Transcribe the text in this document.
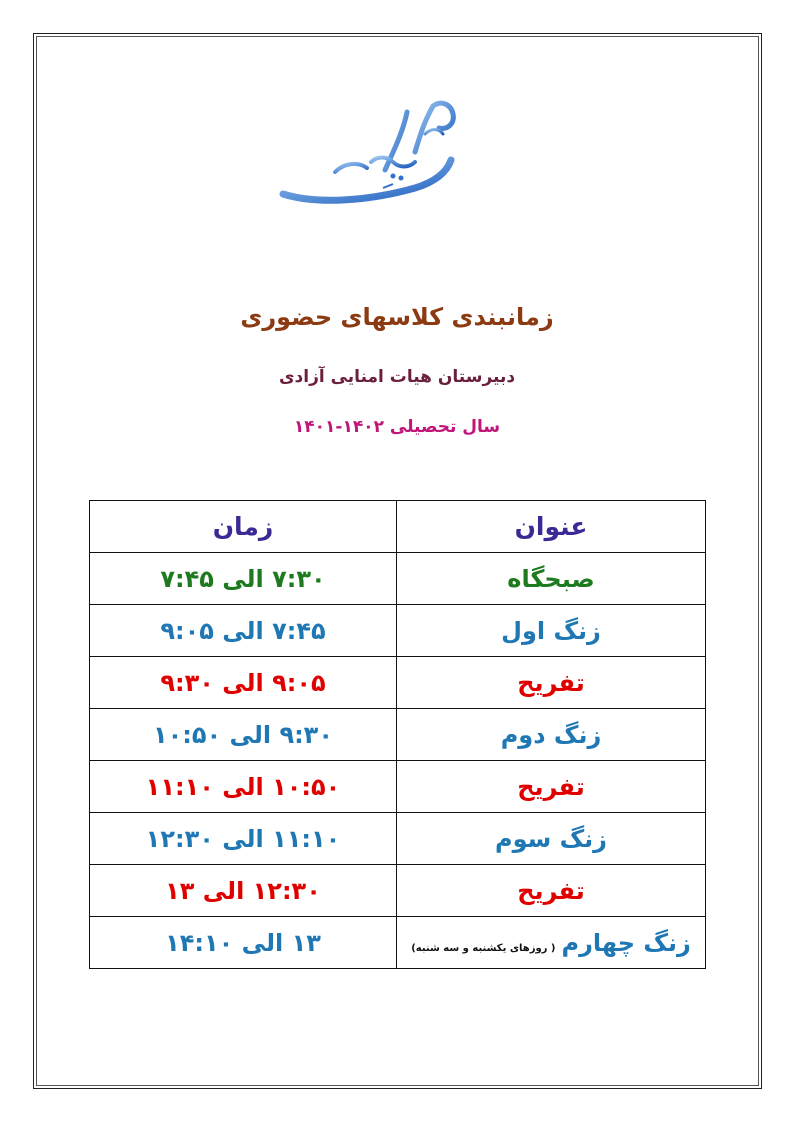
زمانبندی کلاسهای حضوری
دبیرستان هیات امنایی آزادی
سال تحصیلی ۱۴۰۲-۱۴۰۱
عنوان	زمان
صبحگاه	۷:۳۰ الی ۷:۴۵
زنگ اول	۷:۴۵ الی ۹:۰۵
تفریح	۹:۰۵ الی ۹:۳۰
زنگ دوم	۹:۳۰ الی ۱۰:۵۰
تفریح	۱۰:۵۰ الی ۱۱:۱۰
زنگ سوم	۱۱:۱۰ الی ۱۲:۳۰
تفریح	۱۲:۳۰ الی ۱۳
زنگ چهارم( روزهای یکشنبه و سه شنبه)	۱۳ الی ۱۴:۱۰
